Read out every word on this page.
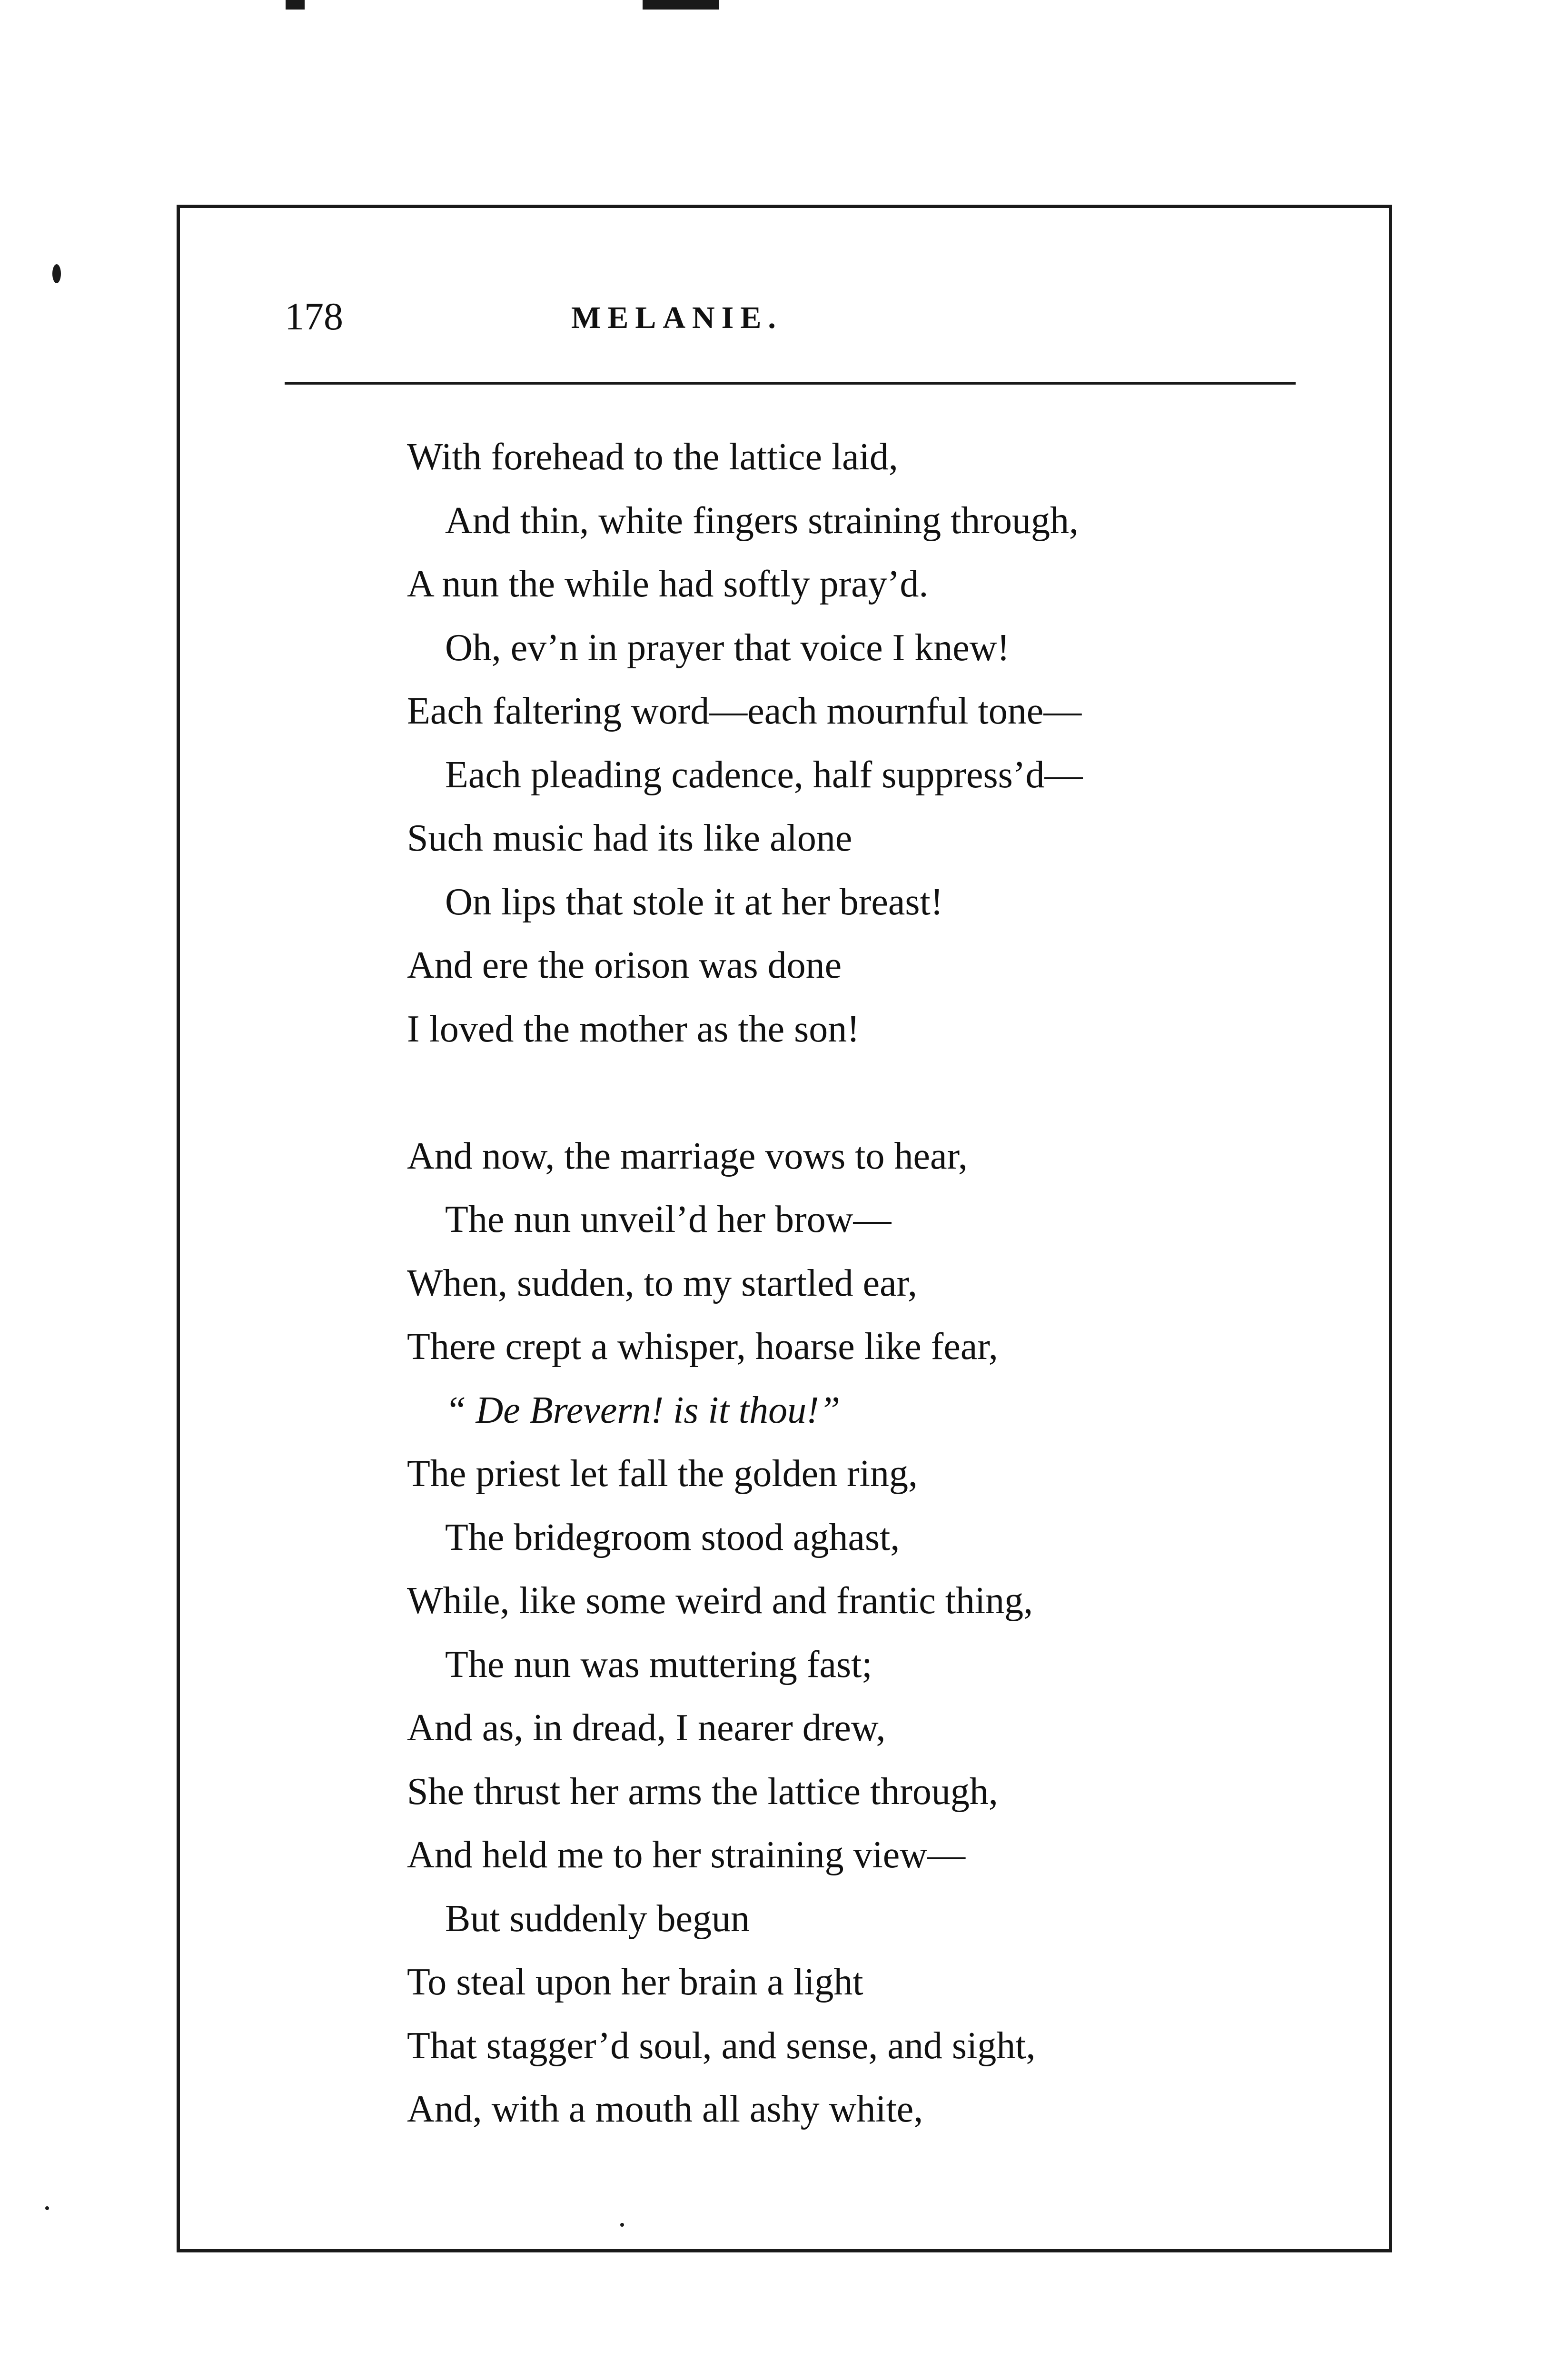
178	MELANIE.
With forehead to the lattice laid,
And thin, white fingers straining through,
A nun the while had softly pray’d.
Oh, ev’n in prayer that voice I knew!
Each faltering word—each mournful tone—
Each pleading cadence, half suppress’d—
Such music had its like alone
On lips that stole it at her breast!
And ere the orison was done
I loved the mother as the son!
And now, the marriage vows to hear,
The nun unveil’d her brow—
When, sudden, to my startled ear,
There crept a whisper, hoarse like fear,
“ De Brevern! is it thou!”
The priest let fall the golden ring,
The bridegroom stood aghast,
While, like some weird and frantic thing,
The nun was muttering fast;
And as, in dread, I nearer drew,
She thrust her arms the lattice through,
And held me to her straining view—
But suddenly begun
To steal upon her brain a light
That stagger’d soul, and sense, and sight,
And, with a mouth all ashy white,
